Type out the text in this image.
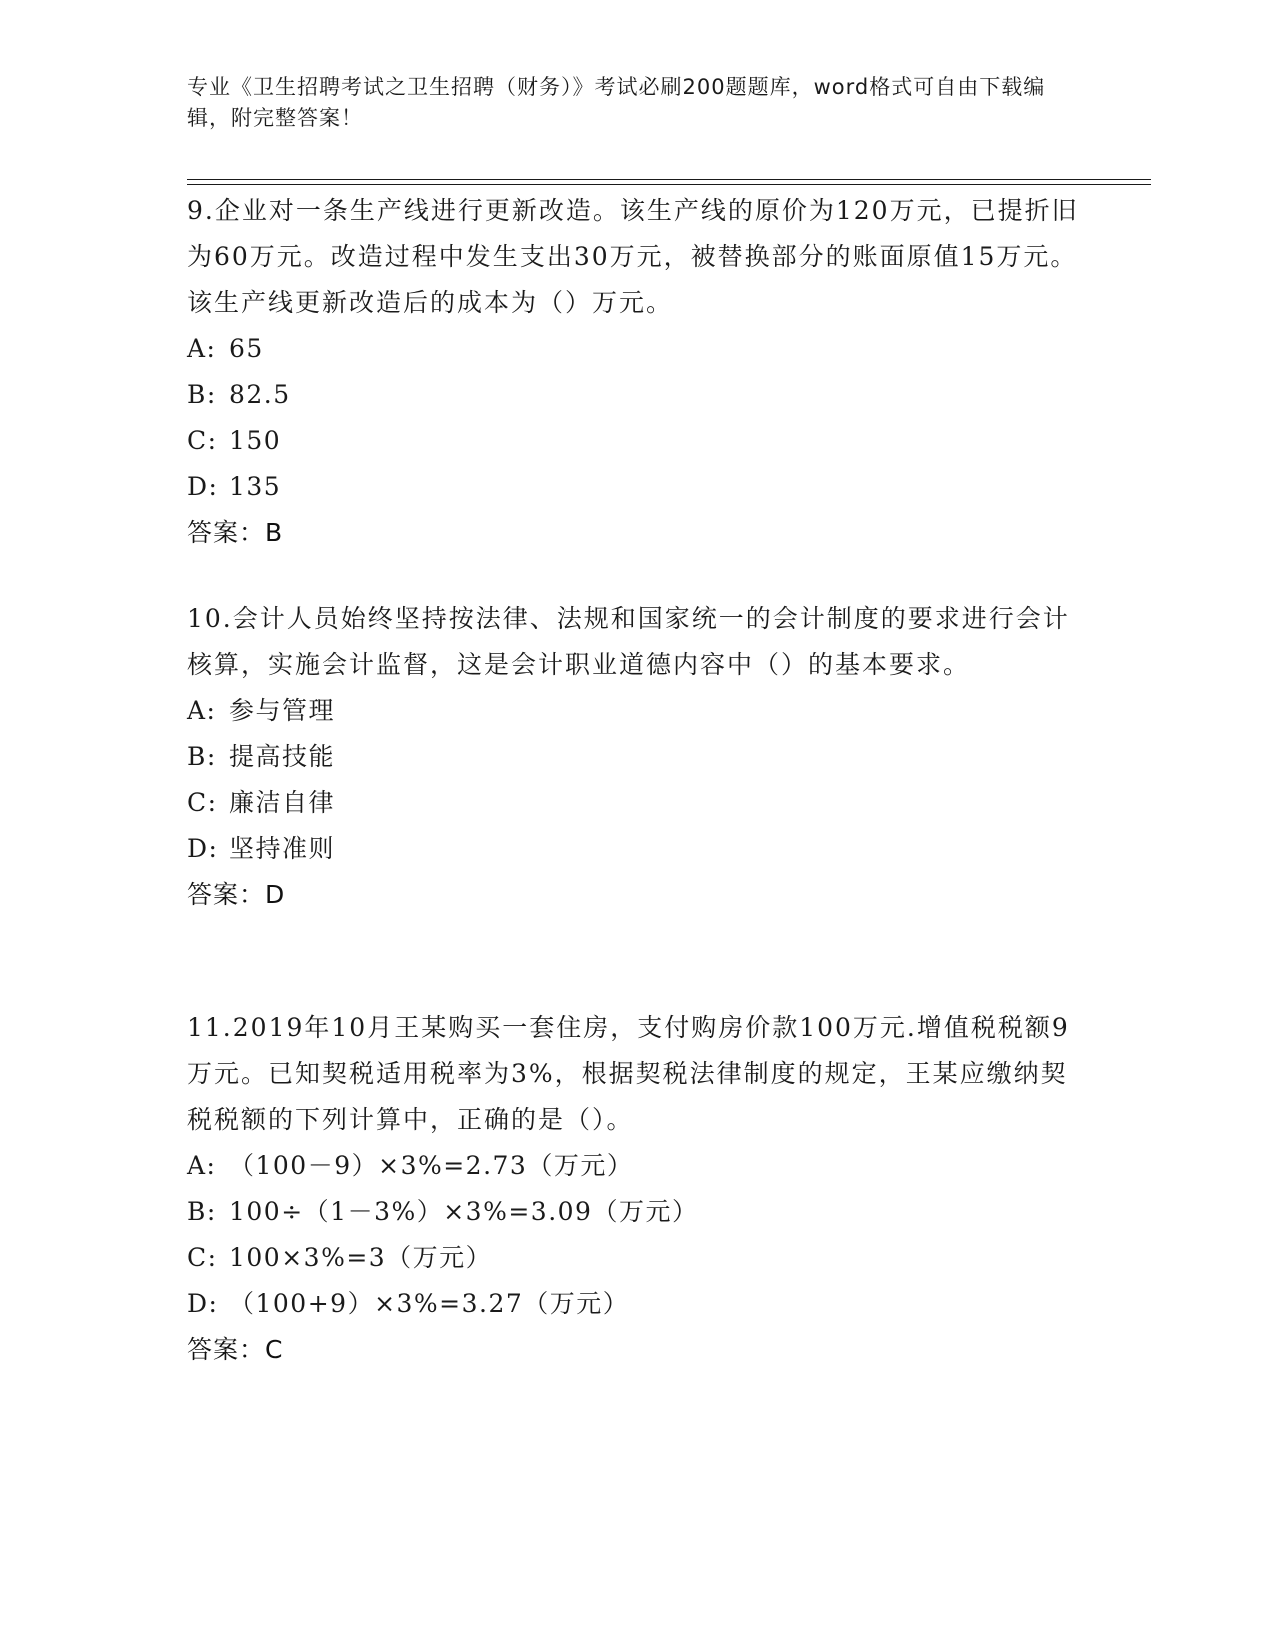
专业《卫生招聘考试之卫生招聘（财务）》考试必刷200题题库，word格式可自由下载编辑，附完整答案！

9.企业对一条生产线进行更新改造。该生产线的原价为120万元，已提折旧为60万元。改造过程中发生支出30万元，被替换部分的账面原值15万元。该生产线更新改造后的成本为（）万元。

A: 65
B: 82.5
C: 150
D: 135
答案：B

10.会计人员始终坚持按法律、法规和国家统一的会计制度的要求进行会计核算，实施会计监督，这是会计职业道德内容中（）的基本要求。

A: 参与管理
B: 提高技能
C: 廉洁自律
D: 坚持准则
答案：D

11.2019年10月王某购买一套住房，支付购房价款100万元.增值税税额9万元。已知契税适用税率为3%，根据契税法律制度的规定，王某应缴纳契税税额的下列计算中，正确的是（）。

A: （100－9）×3%=2.73（万元）
B: 100÷（1－3%）×3%=3.09（万元）
C: 100×3%=3（万元）
D: （100+9）×3%=3.27（万元）
答案：C
